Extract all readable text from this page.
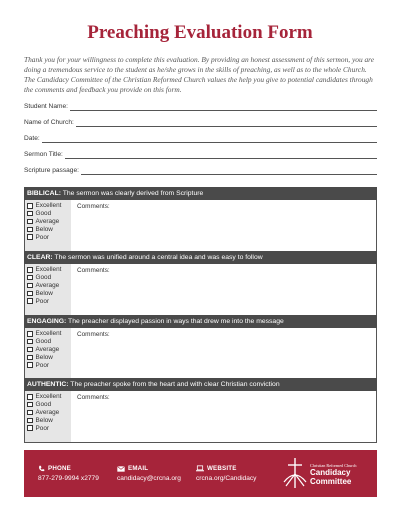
Preaching Evaluation Form
Thank you for your willingness to complete this evaluation. By providing an honest assessment of this sermon, you are doing a tremendous service to the student as he/she grows in the skills of preaching, as well as to the whole Church. The Candidacy Committee of the Christian Reformed Church values the help you give to potential candidates through the comments and feedback you provide on this form.
Student Name:
Name of Church:
Date:
Sermon Title:
Scripture passage:
BIBLICAL: The sermon was clearly derived from Scripture
Excellent
Good
Average
Below
Poor
Comments:
CLEAR: The sermon was unified around a central idea and was easy to follow
Excellent
Good
Average
Below
Poor
Comments:
ENGAGING: The preacher displayed passion in ways that drew me into the message
Excellent
Good
Average
Below
Poor
Comments:
AUTHENTIC: The preacher spoke from the heart and with clear Christian conviction
Excellent
Good
Average
Below
Poor
Comments:
PHONE
877-279-9994 x2779
EMAIL
candidacy@crcna.org
WEBSITE
crcna.org/Candidacy
Christian Reformed Church
Candidacy
Committee
